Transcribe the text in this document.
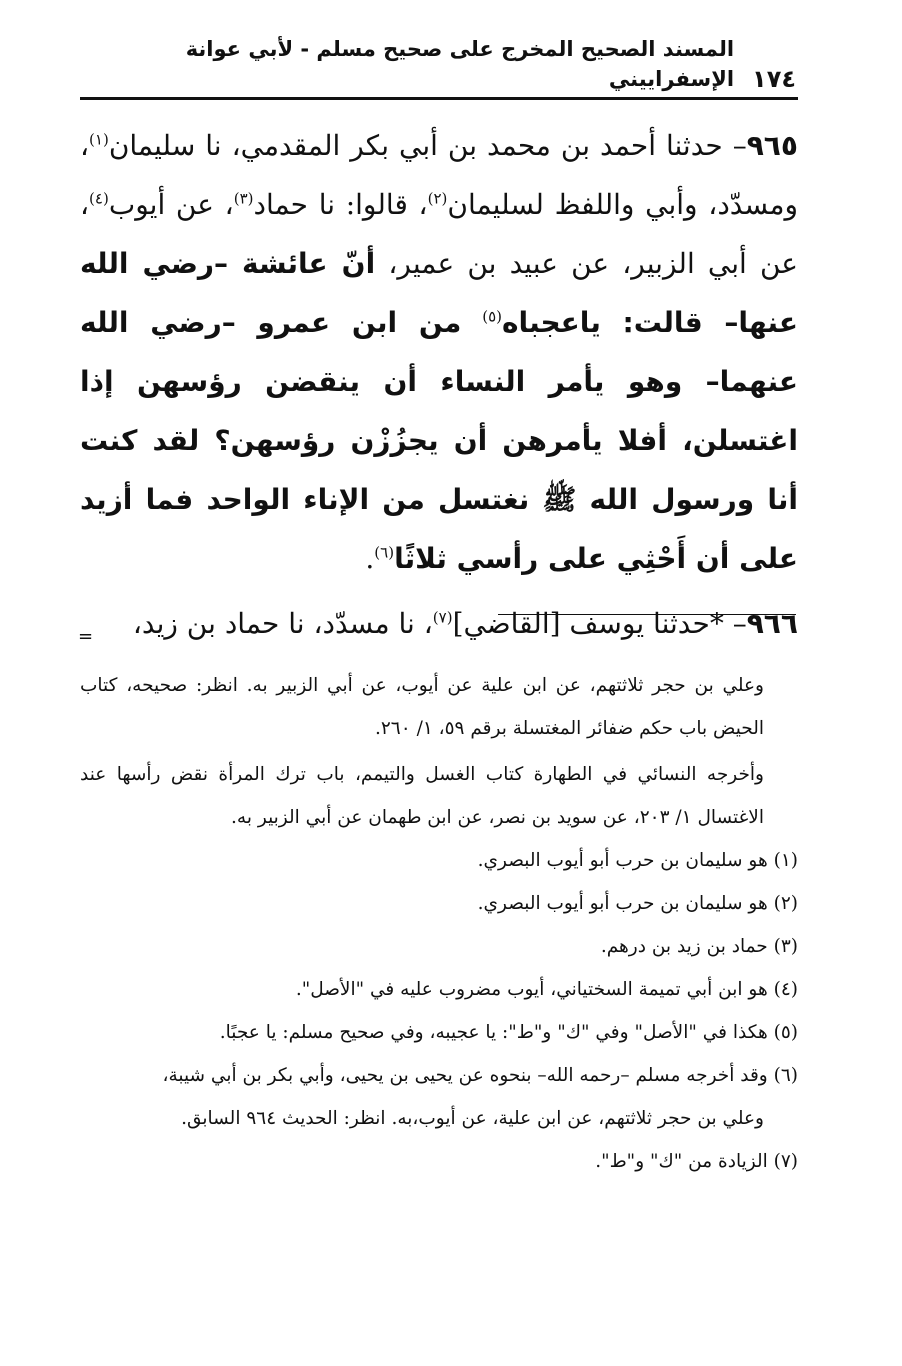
١٧٤
المسند الصحيح المخرج على صحيح مسلم - لأبي عوانة الإسفراييني

٩٦٥– حدثنا أحمد بن محمد بن أبي بكر المقدمي، نا سليمان$^{(١)}$، ومسدّد، وأبي واللفظ لسليمان$^{(٢)}$، قالوا: نا حماد$^{(٣)}$، عن أيوب$^{(٤)}$، عن أبي الزبير، عن عبيد بن عمير، أنّ عائشة –رضي الله عنها– قالت: ياعجباه$^{(٥)}$ من ابن عمرو –رضي الله عنهما– وهو يأمر النساء أن ينقضن رؤسهن إذا اغتسلن، أفلا يأمرهن أن يجزُزْن رؤسهن؟ لقد كنت أنا ورسول الله ﷺ نغتسل من الإناء الواحد فما أزيد على أن أَحْثِي على رأسي ثلاثًا$^{(٦)}$.

٩٦٦– *حدثنا يوسف [القاضي]$^{(٧)}$، نا مسدّد، نا حماد بن زيد،

=

وعلي بن حجر ثلاثتهم، عن ابن علية عن أيوب، عن أبي الزبير به. انظر: صحيحه، كتاب الحيض باب حكم ضفائر المغتسلة برقم ٥٩، ١/ ٢٦٠.

وأخرجه النسائي في الطهارة كتاب الغسل والتيمم، باب ترك المرأة نقض رأسها عند الاغتسال ١/ ٢٠٣، عن سويد بن نصر، عن ابن طهمان عن أبي الزبير به.

(١) هو سليمان بن حرب أبو أيوب البصري.

(٢) هو سليمان بن حرب أبو أيوب البصري.

(٣) حماد بن زيد بن درهم.

(٤) هو ابن أبي تميمة السختياني، أيوب مضروب عليه في "الأصل".

(٥) هكذا في "الأصل" وفي "ك" و"ط": يا عجيبه، وفي صحيح مسلم: يا عجبًا.

(٦) وقد أخرجه مسلم –رحمه الله– بنحوه عن يحيى بن يحيى، وأبي بكر بن أبي شيبة،

وعلي بن حجر ثلاثتهم، عن ابن علية، عن أيوب،به. انظر: الحديث ٩٦٤ السابق.

(٧) الزيادة من "ك" و"ط".
